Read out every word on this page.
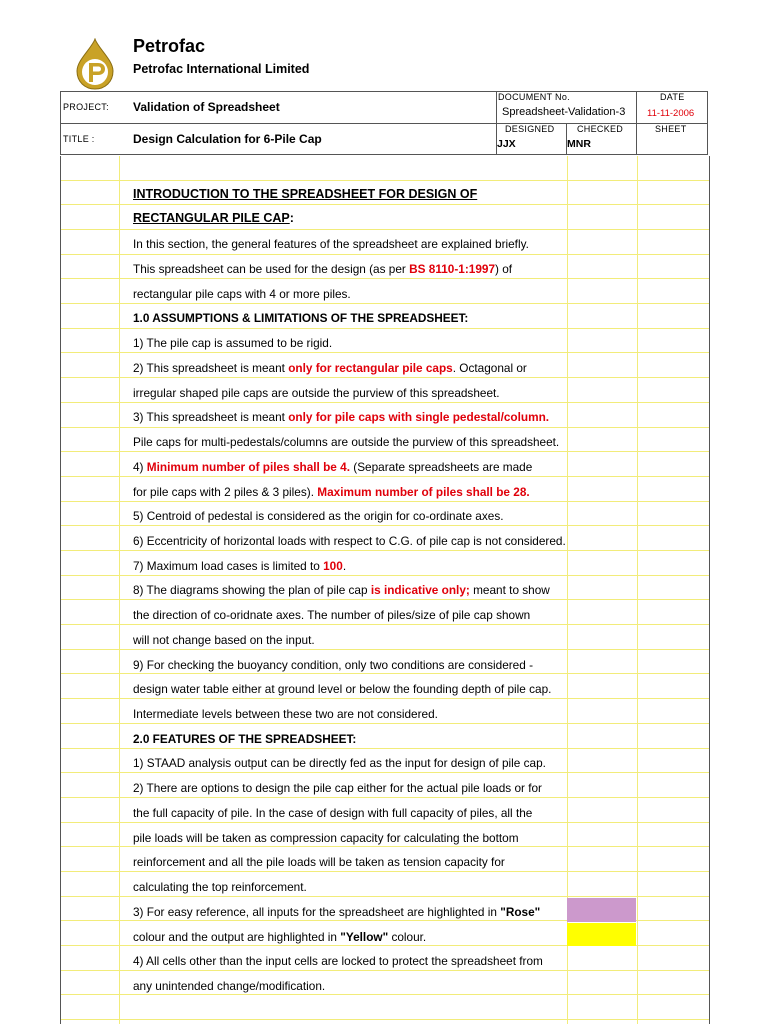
Petrofac
Petrofac International Limited
PROJECT: Validation of Spreadsheet
TITLE :	Design Calculation for 6-Pile Cap
DOCUMENT No.
Spreadsheet-Validation-3
DATE
11-11-2006
DESIGNED
JJX
CHECKED
MNR
SHEET
INTRODUCTION TO THE SPREADSHEET FOR DESIGN OF
RECTANGULAR PILE CAP:
In this section, the general features of the spreadsheet are explained briefly.
This spreadsheet can be used for the design (as per BS 8110-1:1997) of
rectangular pile caps with 4 or more piles.
1.0 ASSUMPTIONS & LIMITATIONS OF THE SPREADSHEET:
1) The pile cap is assumed to be rigid.
2) This spreadsheet is meant only for rectangular pile caps. Octagonal or
irregular shaped pile caps are outside the purview of this spreadsheet.
3) This spreadsheet is meant only for pile caps with single pedestal/column.
Pile caps for multi-pedestals/columns are outside the purview of this spreadsheet.
4) Minimum number of piles shall be 4. (Separate spreadsheets are made
for pile caps with 2 piles & 3 piles). Maximum number of piles shall be 28.
5) Centroid of pedestal is considered as the origin for co-ordinate axes.
6) Eccentricity of horizontal loads with respect to C.G. of pile cap is not considered.
7) Maximum load cases is limited to 100.
8) The diagrams showing the plan of pile cap is indicative only; meant to show
the direction of co-oridnate axes. The number of piles/size of pile cap shown
will not change based on the input.
9) For checking the buoyancy condition, only two conditions are considered -
design water table either at ground level or below the founding depth of pile cap.
Intermediate levels between these two are not considered.
2.0 FEATURES OF THE SPREADSHEET:
1) STAAD analysis output can be directly fed as the input for design of pile cap.
2) There are options to design the pile cap either for the actual pile loads or for
the full capacity of pile. In the case of design with full capacity of piles, all the
pile loads will be taken as compression capacity for calculating the bottom
reinforcement and all the pile loads will be taken as tension capacity for
calculating the top reinforcement.
3) For easy reference, all inputs for the spreadsheet are highlighted in "Rose"
colour and the output are highlighted in "Yellow" colour.
4) All cells other than the input cells are locked to protect the spreadsheet from
any unintended change/modification.
